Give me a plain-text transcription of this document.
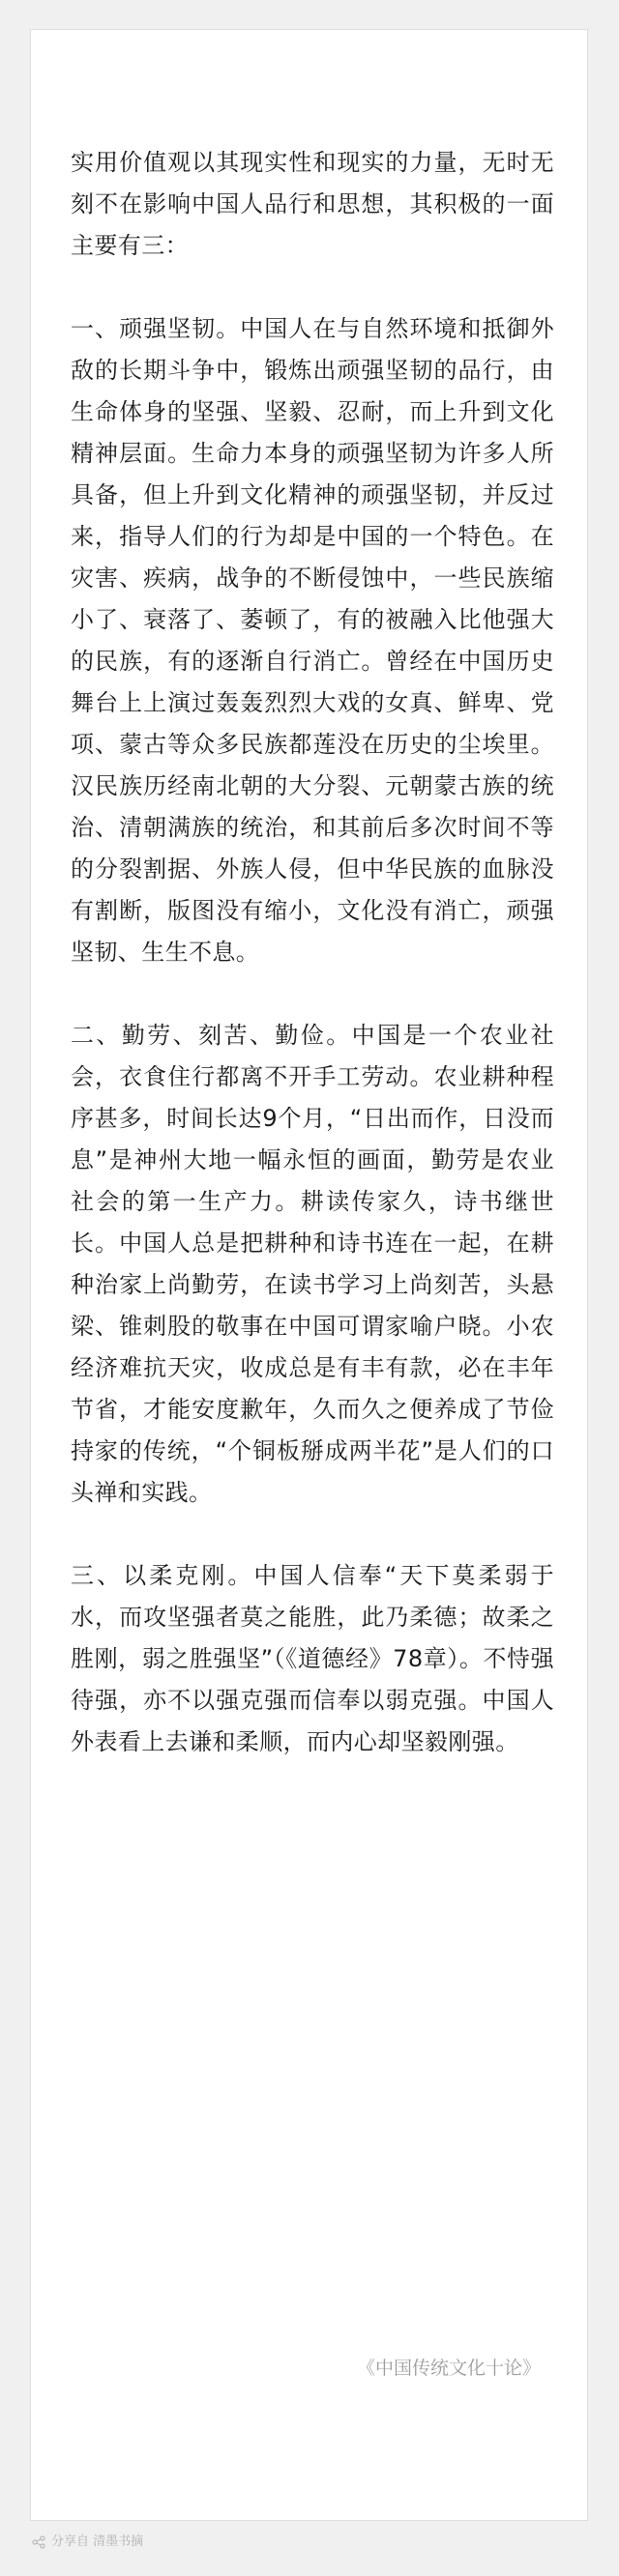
实用价值观以其现实性和现实的力量，无时无刻不在影响中国人品行和思想，其积极的一面主要有三：

一、顽强坚韧。中国人在与自然环境和抵御外敌的长期斗争中，锻炼出顽强坚韧的品行，由生命体身的坚强、坚毅、忍耐，而上升到文化精神层面。生命力本身的顽强坚韧为许多人所具备，但上升到文化精神的顽强坚韧，并反过来，指导人们的行为却是中国的一个特色。在灾害、疾病，战争的不断侵蚀中，一些民族缩小了、衰落了、萎顿了，有的被融入比他强大的民族，有的逐渐自行消亡。曾经在中国历史舞台上上演过轰轰烈烈大戏的女真、鲜卑、党项、蒙古等众多民族都莲没在历史的尘埃里。汉民族历经南北朝的大分裂、元朝蒙古族的统治、清朝满族的统治，和其前后多次时间不等的分裂割据、外族人侵，但中华民族的血脉没有割断，版图没有缩小，文化没有消亡，顽强坚韧、生生不息。

二、勤劳、刻苦、勤俭。中国是一个农业社会，衣食住行都离不开手工劳动。农业耕种程序甚多，时间长达9个月，“日出而作，日没而息”是神州大地一幅永恒的画面，勤劳是农业社会的第一生产力。耕读传家久，诗书继世长。中国人总是把耕种和诗书连在一起，在耕种治家上尚勤劳，在读书学习上尚刻苦，头悬梁、锥刺股的敬事在中国可谓家喻户晓。小农经济难抗天灾，收成总是有丰有款，必在丰年节省，才能安度歉年，久而久之便养成了节俭持家的传统，“个铜板掰成两半花”是人们的口头禅和实践。

三、以柔克刚。中国人信奉“天下莫柔弱于水，而攻坚强者莫之能胜，此乃柔德；故柔之胜刚，弱之胜强坚”（《道德经》78章）。不恃强待强，亦不以强克强而信奉以弱克强。中国人外表看上去谦和柔顺，而内心却坚毅刚强。

《中国传统文化十论》
分享自 清墨书摘
